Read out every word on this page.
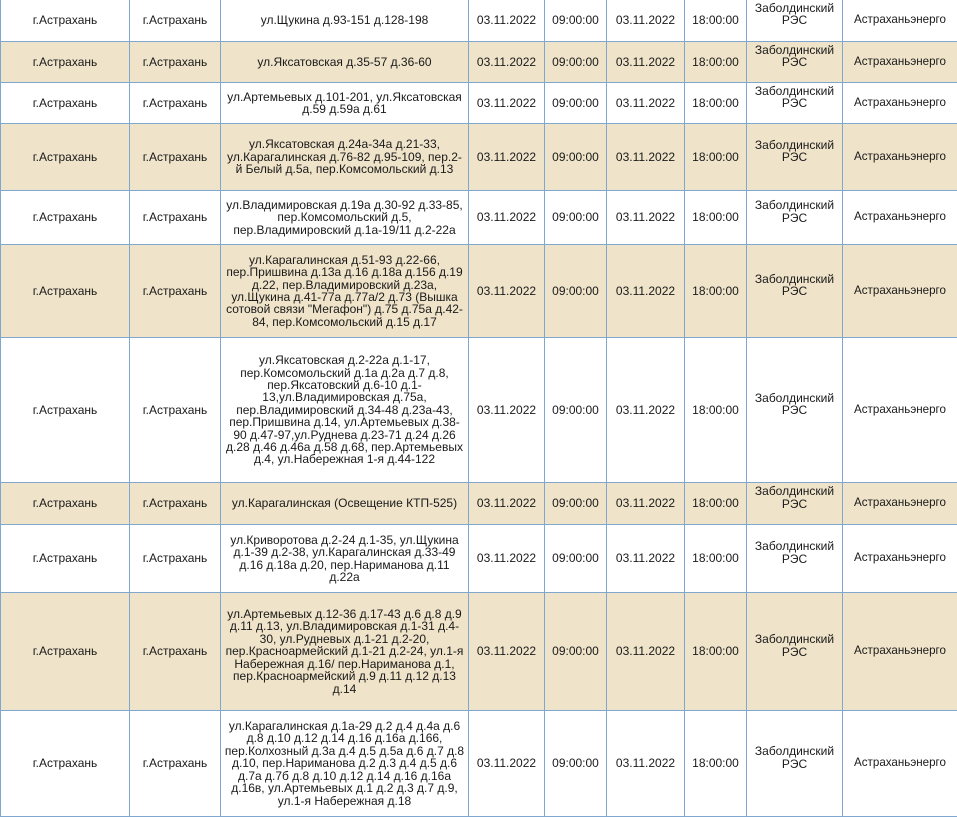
г.Астрахань	г.Астрахань	ул.Щукина д.93-151 д.128-198	03.11.2022	09:00:00	03.11.2022	18:00:00	Заболдинский РЭС	Астраханьэнерго
г.Астрахань	г.Астрахань	ул.Яксатовская д.35-57 д.36-60	03.11.2022	09:00:00	03.11.2022	18:00:00	Заболдинский РЭС	Астраханьэнерго
г.Астрахань	г.Астрахань	ул.Артемьевых д.101-201, ул.Яксатовская д.59 д.59а д.61	03.11.2022	09:00:00	03.11.2022	18:00:00	Заболдинский РЭС	Астраханьэнерго
г.Астрахань	г.Астрахань	ул.Яксатовская д.24а-34а д.21-33, ул.Карагалинская д.76-82 д.95-109, пер.2-й Белый д.5а, пер.Комсомольский д.13	03.11.2022	09:00:00	03.11.2022	18:00:00	Заболдинский РЭС	Астраханьэнерго
г.Астрахань	г.Астрахань	ул.Владимировская д.19а д.30-92 д.33-85, пер.Комсомольский д.5, пер.Владимировский д.1а-19/11 д.2-22а	03.11.2022	09:00:00	03.11.2022	18:00:00	Заболдинский РЭС	Астраханьэнерго
г.Астрахань	г.Астрахань	ул.Карагалинская д.51-93 д.22-66, пер.Пришвина д.13а д.16 д.18а д.156 д.19 д.22, пер.Владимировский д.23а, ул.Щукина д.41-77а д.77а/2 д.73 (Вышка сотовой связи "Мегафон") д.75 д.75а д.42-84, пер.Комсомольский д.15 д.17	03.11.2022	09:00:00	03.11.2022	18:00:00	Заболдинский РЭС	Астраханьэнерго
г.Астрахань	г.Астрахань	ул.Яксатовская д.2-22а д.1-17, пер.Комсомольский д.1а д.2а д.7 д.8, пер.Яксатовский д.6-10 д.1-13,ул.Владимировская д.75а, пер.Владимировский д.34-48 д.23а-43, пер.Пришвина д.14, ул.Артемьевых д.38-90 д.47-97,ул.Руднева д.23-71 д.24 д.26 д.28 д.46 д.46а д.58 д.68, пер.Артемьевых д.4, ул.Набережная 1-я д.44-122	03.11.2022	09:00:00	03.11.2022	18:00:00	Заболдинский РЭС	Астраханьэнерго
г.Астрахань	г.Астрахань	ул.Карагалинская (Освещение КТП-525)	03.11.2022	09:00:00	03.11.2022	18:00:00	Заболдинский РЭС	Астраханьэнерго
г.Астрахань	г.Астрахань	ул.Криворотова д.2-24 д.1-35, ул.Щукина д.1-39 д.2-38, ул.Карагалинская д.33-49 д.16 д.18а д.20, пер.Нариманова д.11 д.22а	03.11.2022	09:00:00	03.11.2022	18:00:00	Заболдинский РЭС	Астраханьэнерго
г.Астрахань	г.Астрахань	ул.Артемьевых д.12-36 д.17-43 д.6 д.8 д.9 д.11 д.13, ул.Владимировская д.1-31 д.4-30, ул.Рудневых д.1-21 д.2-20, пер.Красноармейский д.1-21 д.2-24, ул.1-я Набережная д.16/ пер.Нариманова д.1, пер.Красноармейский д.9 д.11 д.12 д.13 д.14	03.11.2022	09:00:00	03.11.2022	18:00:00	Заболдинский РЭС	Астраханьэнерго
г.Астрахань	г.Астрахань	ул.Карагалинская д.1а-29 д.2 д.4 д.4а д.6 д.8 д.10 д.12 д.14 д.16 д.16а д.166, пер.Колхозный д.3а д.4 д.5 д.5а д.6 д.7 д.8 д.10, пер.Нариманова д.2 д.3 д.4 д.5 д.6 д.7а д.7б д.8 д.10 д.12 д.14 д.16 д.16а д.16в, ул.Артемьевых д.1 д.2 д.3 д.7 д.9, ул.1-я Набережная д.18	03.11.2022	09:00:00	03.11.2022	18:00:00	Заболдинский РЭС	Астраханьэнерго
